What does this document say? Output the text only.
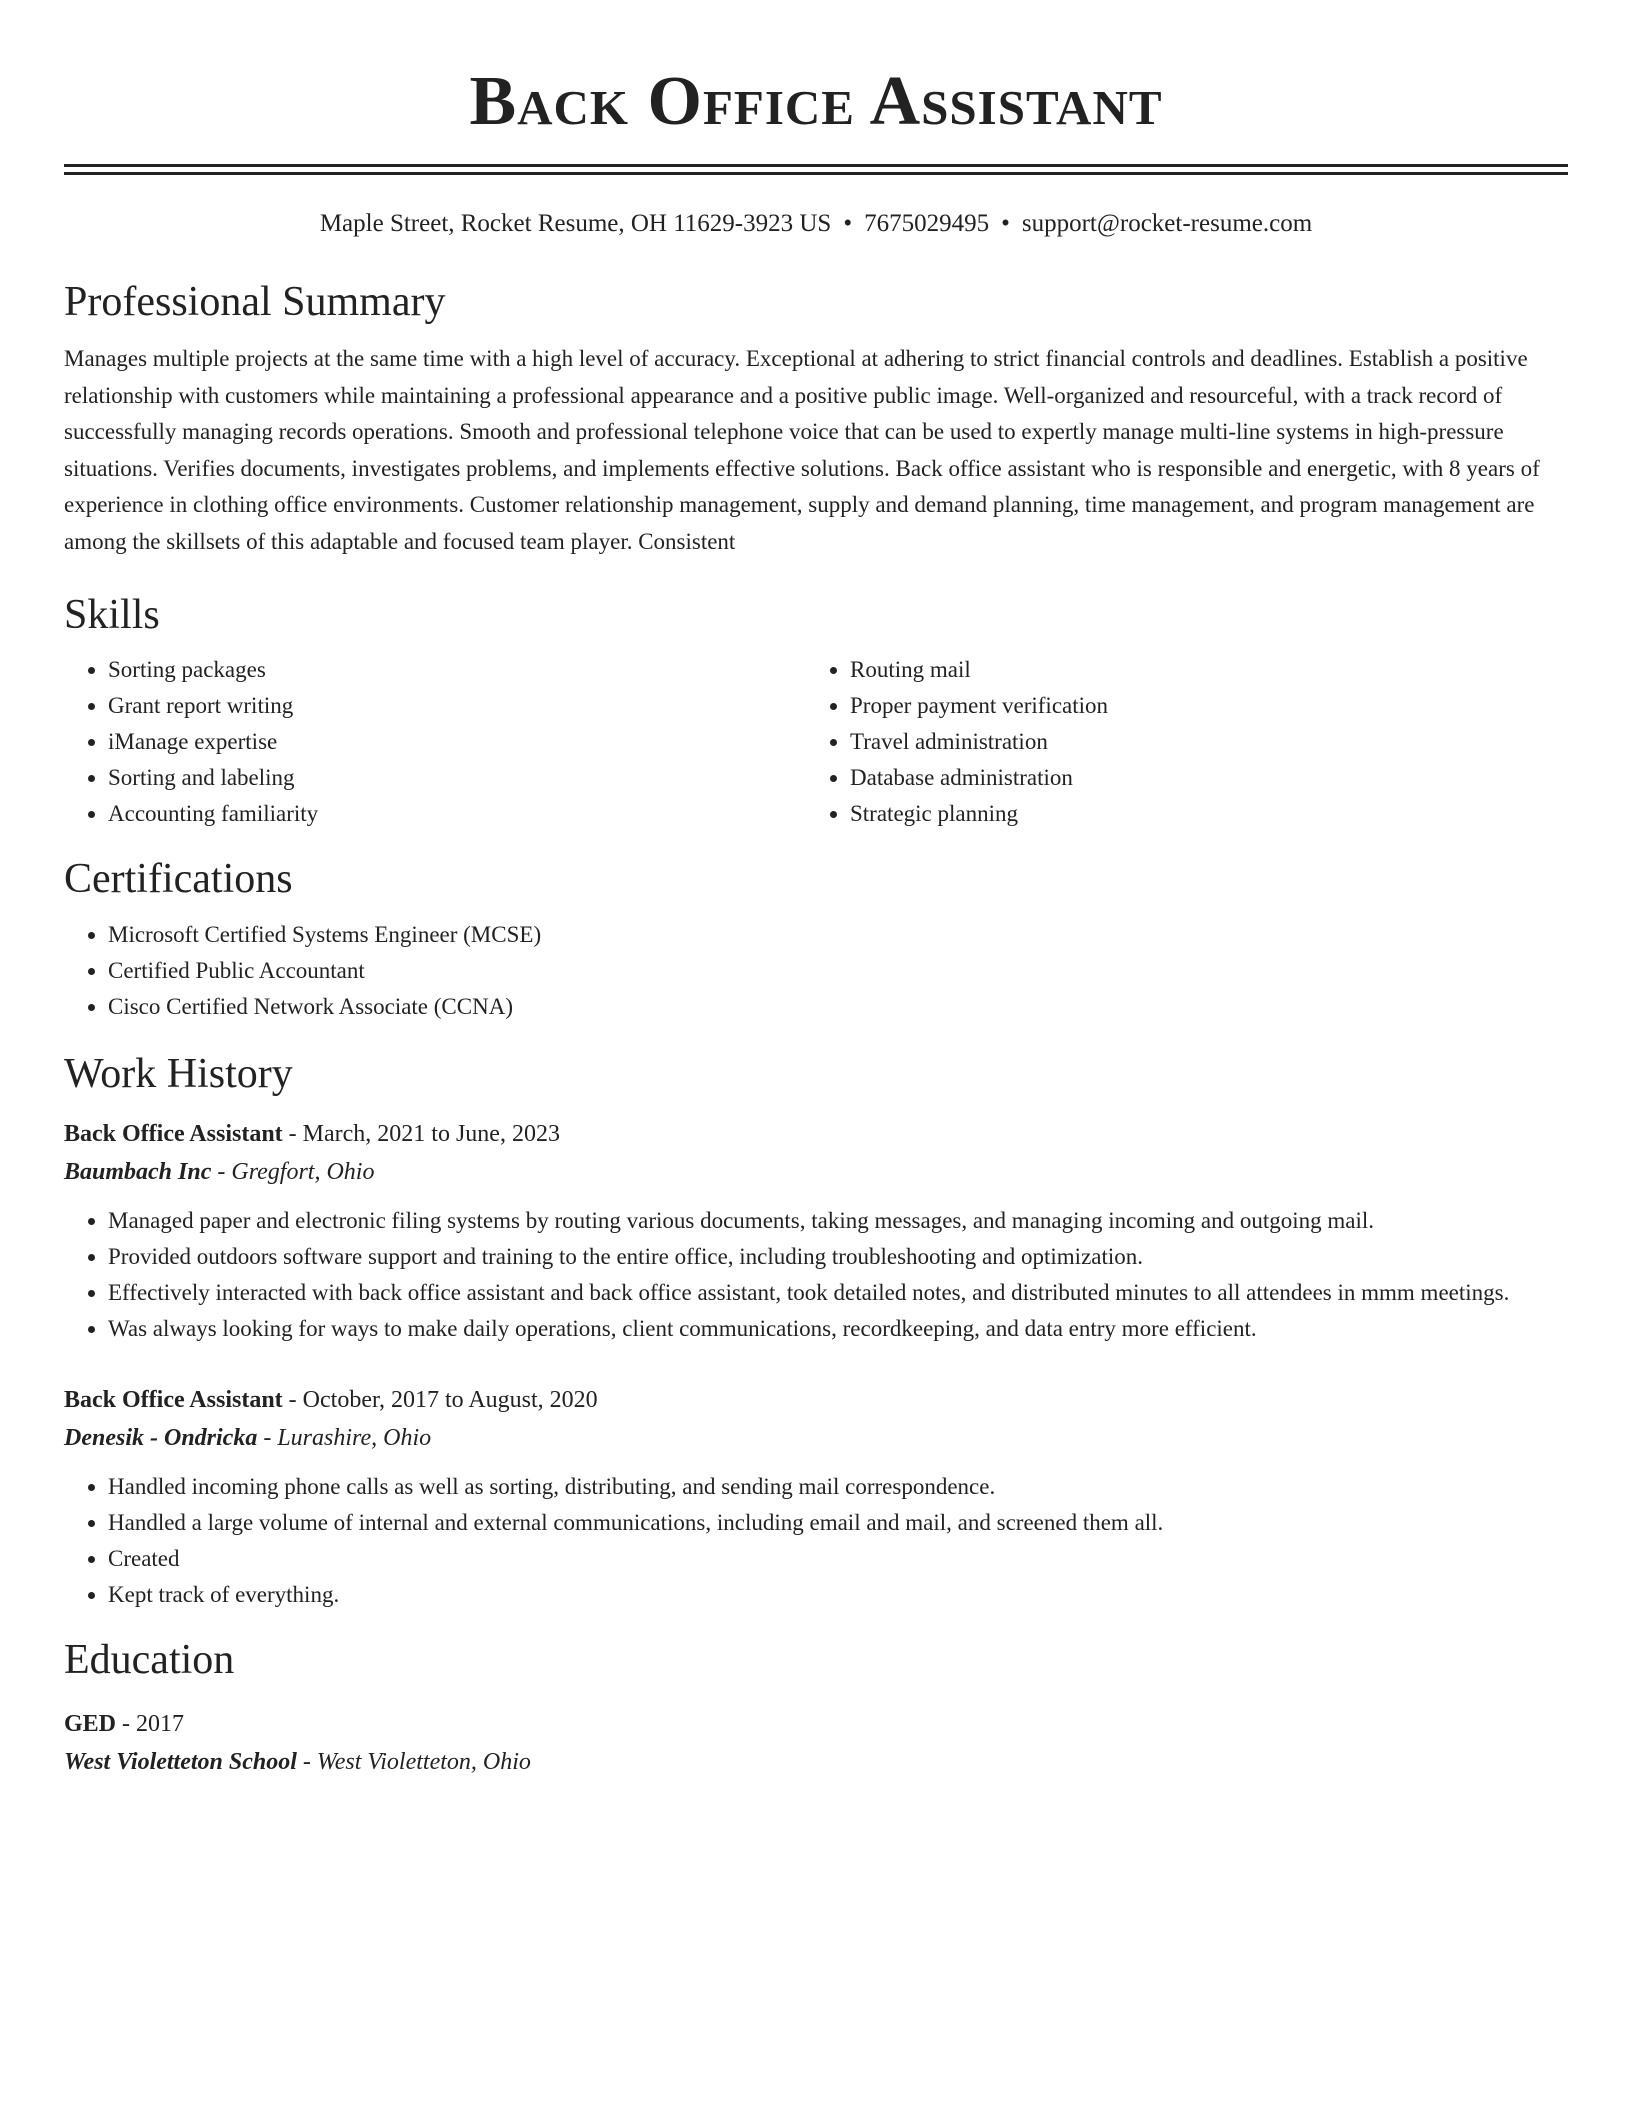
Back Office Assistant
Maple Street, Rocket Resume, OH 11629-3923 US • 7675029495 • support@rocket-resume.com
Professional Summary
Manages multiple projects at the same time with a high level of accuracy. Exceptional at adhering to strict financial controls and deadlines. Establish a positive relationship with customers while maintaining a professional appearance and a positive public image. Well-organized and resourceful, with a track record of successfully managing records operations. Smooth and professional telephone voice that can be used to expertly manage multi-line systems in high-pressure situations. Verifies documents, investigates problems, and implements effective solutions. Back office assistant who is responsible and energetic, with 8 years of experience in clothing office environments. Customer relationship management, supply and demand planning, time management, and program management are among the skillsets of this adaptable and focused team player. Consistent
Skills
• Sorting packages
• Grant report writing
• iManage expertise
• Sorting and labeling
• Accounting familiarity
• Routing mail
• Proper payment verification
• Travel administration
• Database administration
• Strategic planning
Certifications
• Microsoft Certified Systems Engineer (MCSE)
• Certified Public Accountant
• Cisco Certified Network Associate (CCNA)
Work History
Back Office Assistant - March, 2021 to June, 2023
Baumbach Inc - Gregfort, Ohio
• Managed paper and electronic filing systems by routing various documents, taking messages, and managing incoming and outgoing mail.
• Provided outdoors software support and training to the entire office, including troubleshooting and optimization.
• Effectively interacted with back office assistant and back office assistant, took detailed notes, and distributed minutes to all attendees in mmm meetings.
• Was always looking for ways to make daily operations, client communications, recordkeeping, and data entry more efficient.
Back Office Assistant - October, 2017 to August, 2020
Denesik - Ondricka - Lurashire, Ohio
• Handled incoming phone calls as well as sorting, distributing, and sending mail correspondence.
• Handled a large volume of internal and external communications, including email and mail, and screened them all.
• Created
• Kept track of everything.
Education
GED - 2017
West Violetteton School - West Violetteton, Ohio
